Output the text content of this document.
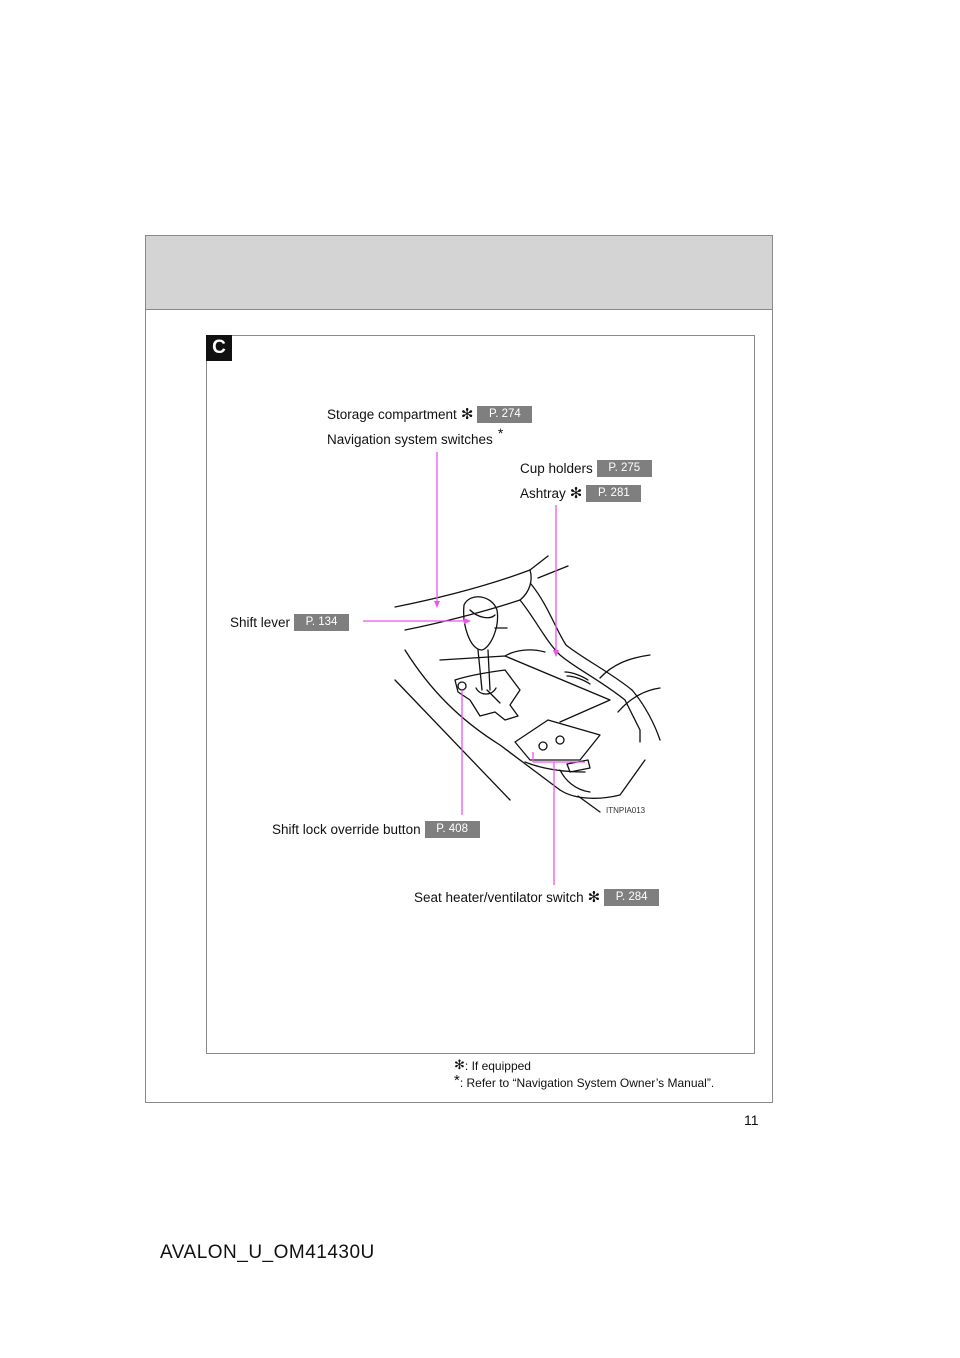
C
Storage compartment ✻	P. 274
Navigation system switches *
Cup holders	P. 275
Ashtray ✻	P. 281
Shift lever	P. 134
Shift lock override button	P. 408
Seat heater/ventilator switch ✻	P. 284
ITNPIA013
✻ : If equipped
* : Refer to “Navigation System Owner’s Manual”.
11
AVALON_U_OM41430U
